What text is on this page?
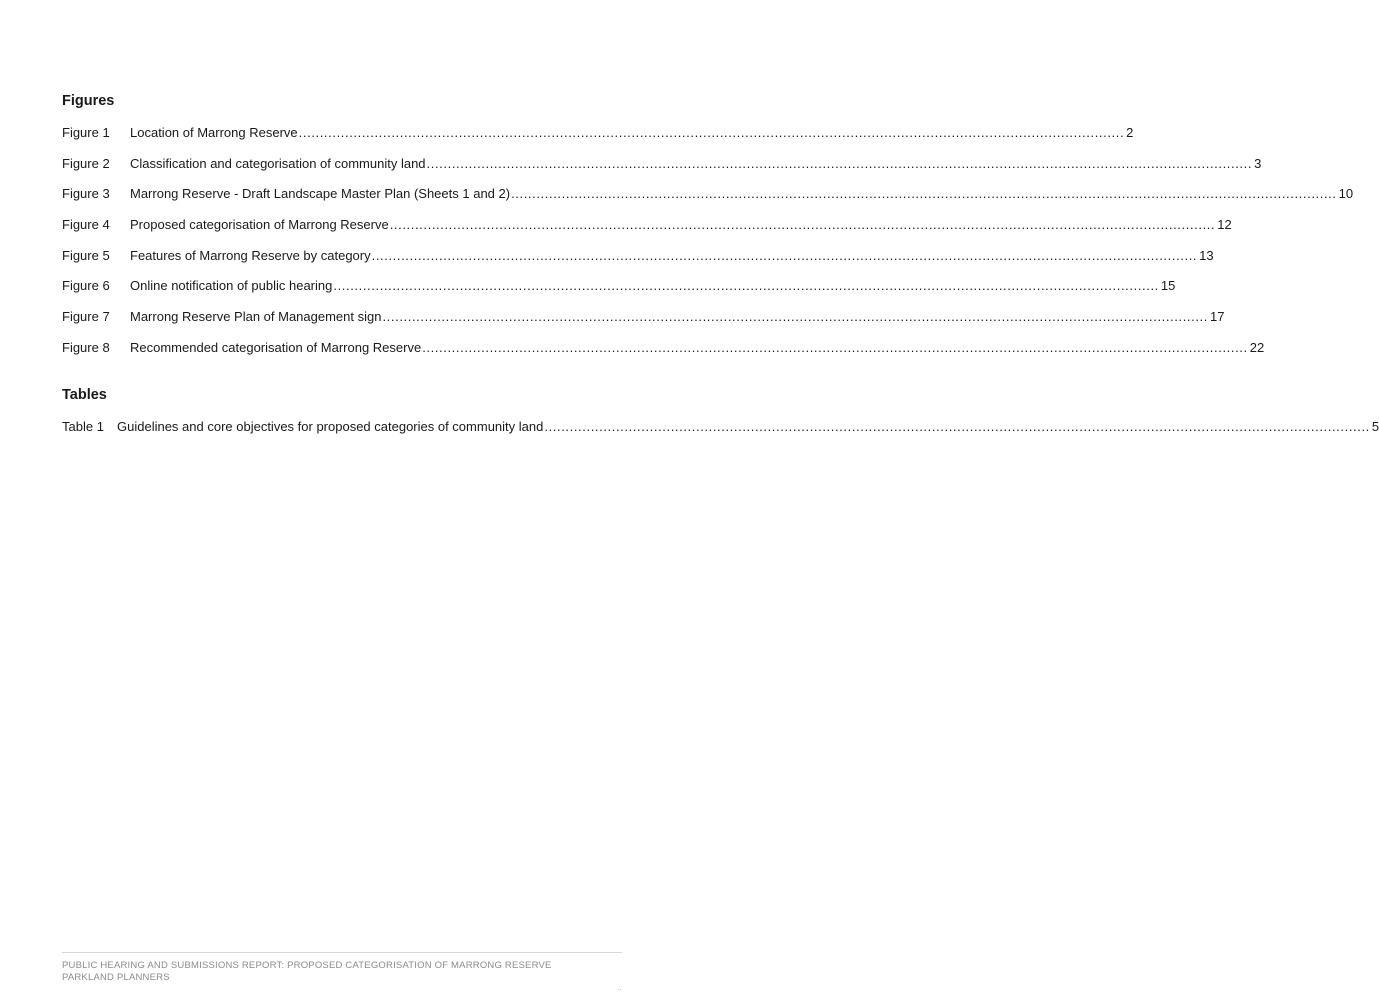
Figures
Figure 1	Location of Marrong Reserve .....	2
Figure 2	Classification and categorisation of community land .....	3
Figure 3	Marrong Reserve - Draft Landscape Master Plan (Sheets 1 and 2) .....	10
Figure 4	Proposed categorisation of Marrong Reserve .....	12
Figure 5	Features of Marrong Reserve by category .....	13
Figure 6	Online notification of public hearing .....	15
Figure 7	Marrong Reserve Plan of Management sign .....	17
Figure 8	Recommended categorisation of Marrong Reserve .....	22
Tables
Table 1	Guidelines and core objectives for proposed categories of community land .....	5
PUBLIC HEARING AND SUBMISSIONS REPORT: PROPOSED CATEGORISATION OF MARRONG RESERVE
PARKLAND PLANNERS
..
